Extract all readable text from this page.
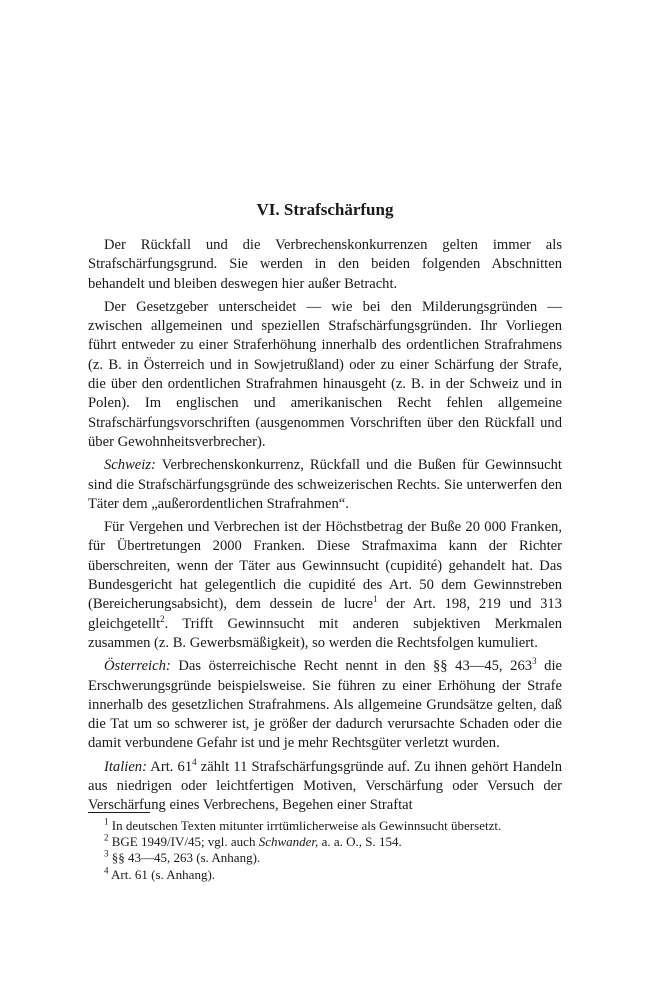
VI. Strafschärfung

Der Rückfall und die Verbrechenskonkurrenzen gelten immer als Strafschärfungsgrund. Sie werden in den beiden folgenden Abschnitten behandelt und bleiben deswegen hier außer Betracht.

Der Gesetzgeber unterscheidet — wie bei den Milderungsgründen — zwischen allgemeinen und speziellen Strafschärfungsgründen. Ihr Vorliegen führt entweder zu einer Straferhöhung innerhalb des ordentlichen Strafrahmens (z. B. in Österreich und in Sowjetrußland) oder zu einer Schärfung der Strafe, die über den ordentlichen Strafrahmen hinausgeht (z. B. in der Schweiz und in Polen). Im englischen und amerikanischen Recht fehlen allgemeine Strafschärfungsvorschriften (ausgenommen Vorschriften über den Rückfall und über Gewohnheitsverbrecher).

Schweiz: Verbrechenskonkurrenz, Rückfall und die Bußen für Gewinnsucht sind die Strafschärfungsgründe des schweizerischen Rechts. Sie unterwerfen den Täter dem „außerordentlichen Strafrahmen“.

Für Vergehen und Verbrechen ist der Höchstbetrag der Buße 20 000 Franken, für Übertretungen 2000 Franken. Diese Strafmaxima kann der Richter überschreiten, wenn der Täter aus Gewinnsucht (cupidité) gehandelt hat. Das Bundesgericht hat gelegentlich die cupidité des Art. 50 dem Gewinnstreben (Bereicherungsabsicht), dem dessein de lucre$^1$ der Art. 198, 219 und 313 gleichgetellt$^2$. Trifft Gewinnsucht mit anderen subjektiven Merkmalen zusammen (z. B. Gewerbsmäßigkeit), so werden die Rechtsfolgen kumuliert.

Österreich: Das österreichische Recht nennt in den §§ 43—45, $263^3$ die Erschwerungsgründe beispielsweise. Sie führen zu einer Erhöhung der Strafe innerhalb des gesetzlichen Strafrahmens. Als allgemeine Grundsätze gelten, daß die Tat um so schwerer ist, je größer der dadurch verursachte Schaden oder die damit verbundene Gefahr ist und je mehr Rechtsgüter verletzt wurden.

Italien: Art. $61^4$ zählt 11 Strafschärfungsgründe auf. Zu ihnen gehört Handeln aus niedrigen oder leichtfertigen Motiven, Verschärfung oder Versuch der Verschärfung eines Verbrechens, Begehen einer Straftat

$^1$ In deutschen Texten mitunter irrtümlicherweise als Gewinnsucht übersetzt.

$^2$ BGE 1949/IV/45; vgl. auch Schwander, a. a. O., S. 154.

$^3$ §§ 43—45, 263 (s. Anhang).

$^4$ Art. 61 (s. Anhang).
